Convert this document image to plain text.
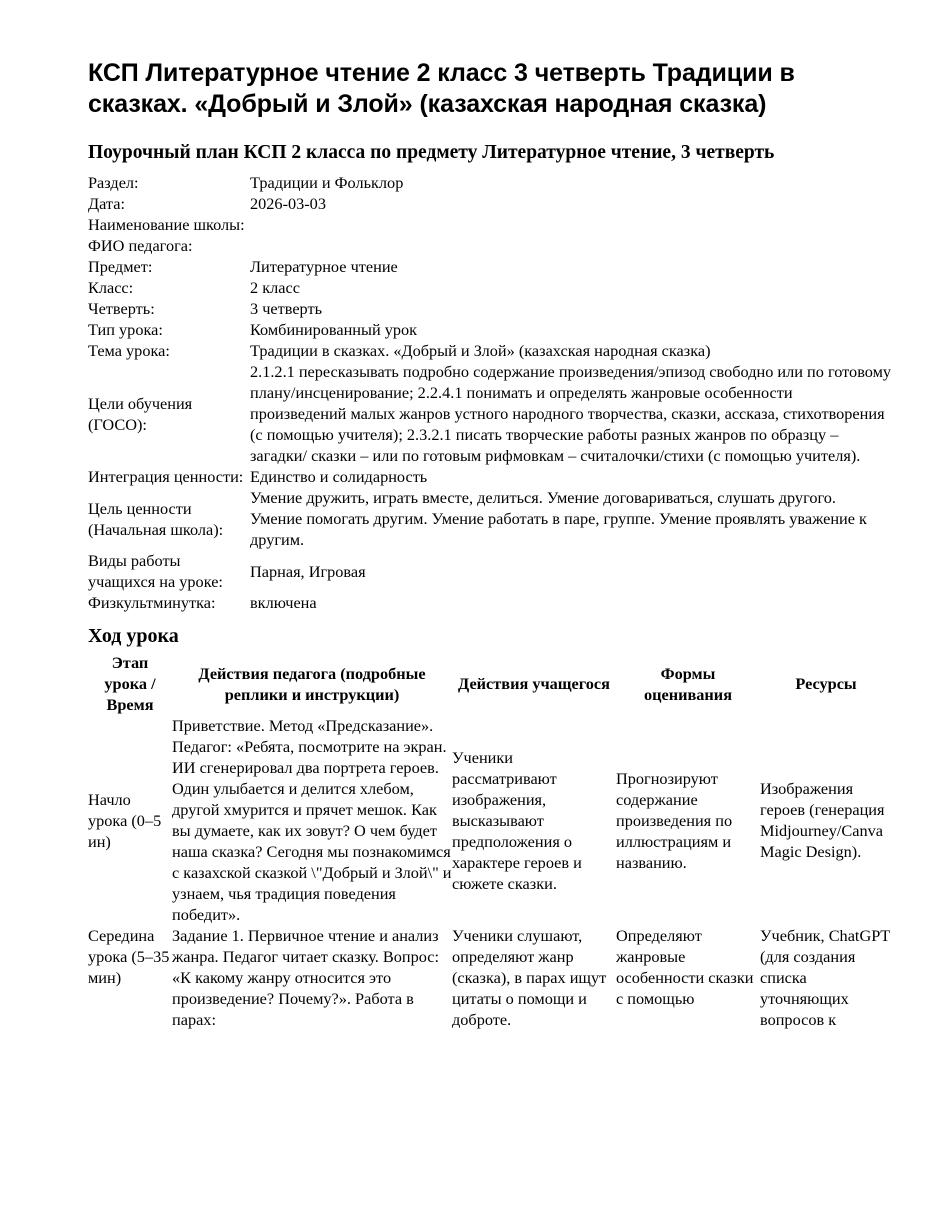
КСП Литературное чтение 2 класс 3 четверть Традиции в сказках. «Добрый и Злой» (казахская народная сказка)
Поурочный план КСП 2 класса по предмету Литературное чтение, 3 четверть
Раздел:	Традиции и Фольклор
Дата:	2026-03-03
Наименование школы:	
ФИО педагога:	
Предмет:	Литературное чтение
Класс:	2 класс
Четверть:	3 четверть
Тип урока:	Комбинированный урок
Тема урока:	Традиции в сказках. «Добрый и Злой» (казахская народная сказка)
Цели обучения (ГОСО):	2.1.2.1 пересказывать подробно содержание произведения/эпизод свободно или по готовому плану/инсценирование; 2.2.4.1 понимать и определять жанровые особенности произведений малых жанров устного народного творчества, сказки, ассказа, стихотворения (с помощью учителя); 2.3.2.1 писать творческие работы разных жанров по образцу – загадки/ сказки – или по готовым рифмовкам – считалочки/стихи (с помощью учителя).
Интеграция ценности:	Единство и солидарность
Цель ценности (Начальная школа):	Умение дружить, играть вместе, делиться. Умение договариваться, слушать другого. Умение помогать другим. Умение работать в паре, группе. Умение проявлять уважение к другим.
Виды работы учащихся на уроке:	Парная, Игровая
Физкультминутка:	включена
Ход урока
Этап урока / Время	Действия педагога (подробные реплики и инструкции)	Действия учащегося	Формы оценивания	Ресурсы
Начло урока (0–5 ин)	Приветствие. Метод «Предсказание». Педагог: «Ребята, посмотрите на экран. ИИ сгенерировал два портрета героев. Один улыбается и делится хлебом, другой хмурится и прячет мешок. Как вы думаете, как их зовут? О чем будет наша сказка? Сегодня мы познакомимся с казахской сказкой \"Добрый и Злой\" и узнаем, чья традиция поведения победит».	Ученики рассматривают изображения, высказывают предположения о характере героев и сюжете сказки.	Прогнозируют содержание произведения по иллюстрациям и названию.	Изображения героев (генерация Midjourney/Canva Magic Design).
Середина урока (5–35 мин)	Задание 1. Первичное чтение и анализ жанра. Педагог читает сказку. Вопрос: «К какому жанру относится это произведение? Почему?». Работа в парах:	Ученики слушают, определяют жанр (сказка), в парах ищут цитаты о помощи и доброте.	Определяют жанровые особенности сказки с помощью	Учебник, ChatGPT (для создания списка уточняющих вопросов к
